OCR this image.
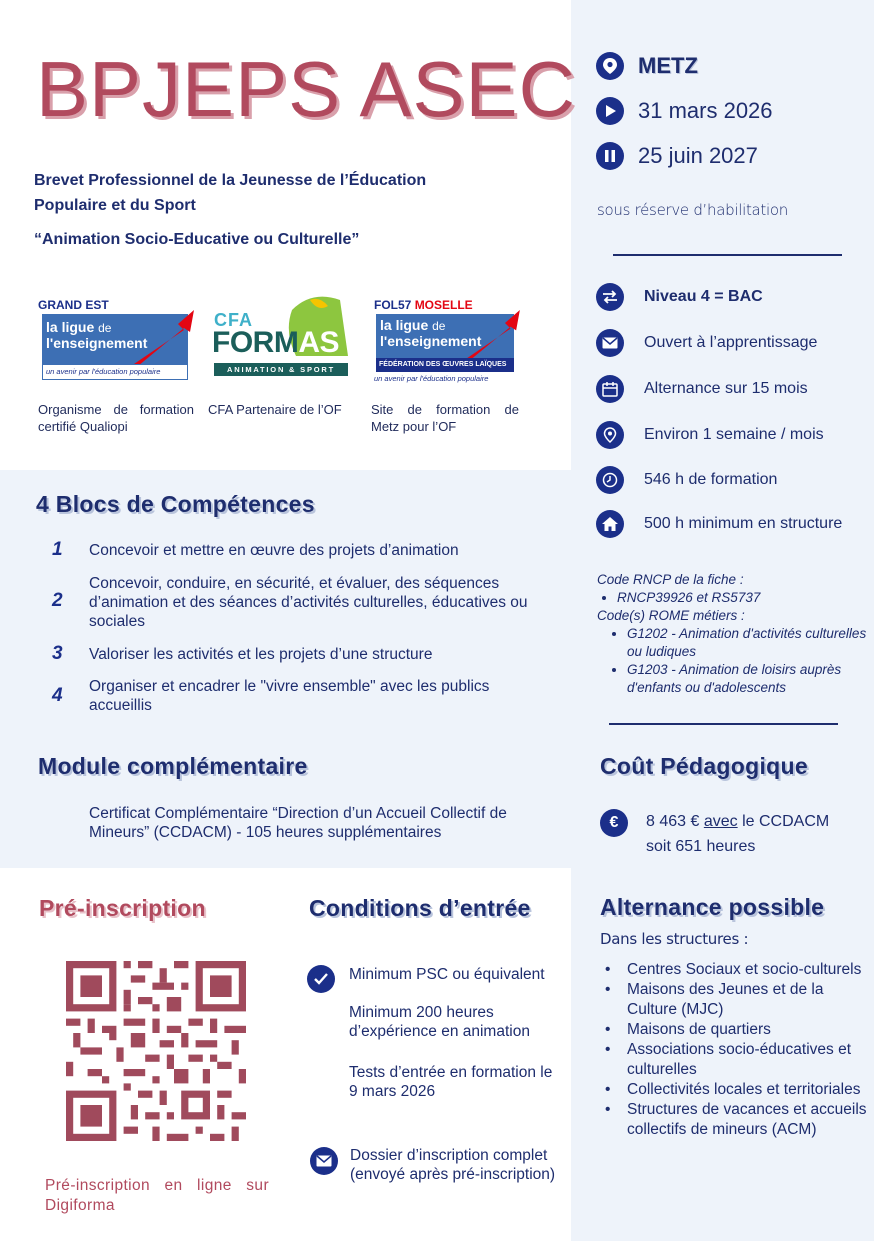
BPJEPS ASEC
Brevet Professionnel de la Jeunesse de l’Éducation Populaire et du Sport
“Animation Socio-Educative ou Culturelle”
GRAND EST
la ligue de
l'enseignement
un avenir par l'éducation populaire
Organisme de formation certifié Qualiopi
CFA
FORMAS
ANIMATION & SPORT
CFA Partenaire de l’OF
FOL57 MOSELLE
la ligue de
l'enseignement
FÉDÉRATION DES ŒUVRES LAÏQUES
un avenir par l'éducation populaire
Site de formation de Metz pour l’OF
METZ
31 mars 2026
25 juin 2027
sous réserve d’habilitation
Niveau 4 = BAC
Ouvert à l’apprentissage
Alternance sur 15 mois
Environ 1 semaine / mois
546 h de formation
500 h minimum en structure
Code RNCP de la fiche :
• RNCP39926 et RS5737
Code(s) ROME métiers :
• G1202 - Animation d'activités culturelles ou ludiques
• G1203 - Animation de loisirs auprès d'enfants ou d'adolescents
Coût Pédagogique
€ 8 463 € avec le CCDACM
soit 651 heures
Alternance possible
Dans les structures :
• Centres Sociaux et socio-culturels
• Maisons des Jeunes et de la Culture (MJC)
• Maisons de quartiers
• Associations socio-éducatives et culturelles
• Collectivités locales et territoriales
• Structures de vacances et accueils collectifs de mineurs (ACM)
4 Blocs de Compétences
1 Concevoir et mettre en œuvre des projets d’animation
2
Concevoir, conduire, en sécurité, et évaluer, des séquences d’animation et des séances d’activités culturelles, éducatives ou sociales
3 Valoriser les activités et les projets d’une structure
4 Organiser et encadrer le "vivre ensemble" avec les publics accueillis
Module complémentaire
Certificat Complémentaire “Direction d’un Accueil Collectif de Mineurs” (CCDACM) - 105 heures supplémentaires
Pré-inscription
Pré-inscription en ligne sur Digiforma
Conditions d’entrée
Minimum PSC ou équivalent
Minimum 200 heures d’expérience en animation
Tests d’entrée en formation le 9 mars 2026
Dossier d’inscription complet (envoyé après pré-inscription)
